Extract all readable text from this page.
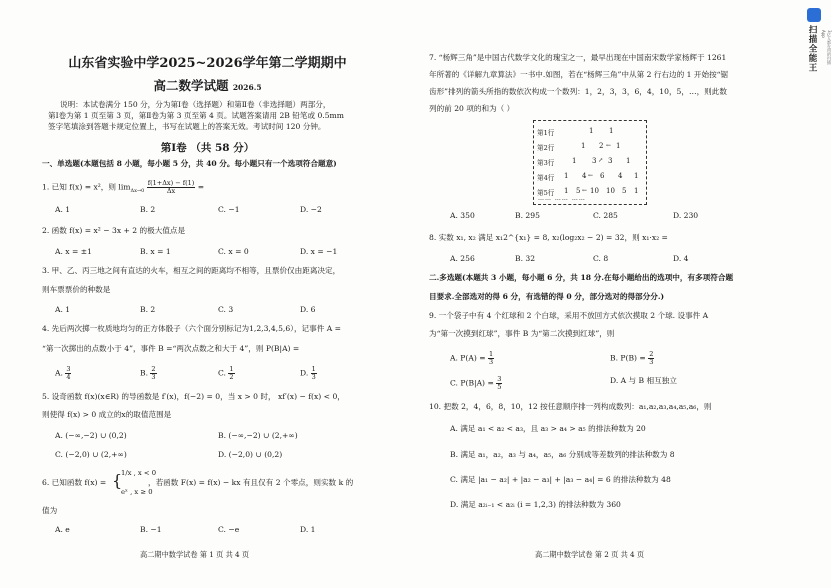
山东省实验中学2025~2026学年第二学期期中
高二数学试题 2026.5
说明：本试卷满分 150 分，分为第Ⅰ卷（选择题）和第Ⅱ卷（非选择题）两部分，
第Ⅰ卷为第 1 页至第 3 页，第Ⅱ卷为第 3 页至第 4 页。试题答案请用 2B 铅笔或 0.5mm
签字笔填涂到答题卡规定位置上，书写在试题上的答案无效。考试时间 120 分钟。
第Ⅰ卷 （共 58 分）
一、单选题(本题包括 8 小题，每小题 5 分，共 40 分。每小题只有一个选项符合题意)
1. 已知 f(x) = x²，则 $\lim_{\Delta x\to 0} \frac{f(1+\Delta x) - f(1)}{\Delta x}$ =
A. 1	B. 2	C. −1	D. −2
2. 函数 f(x) = x² − 3x + 2 的极大值点是
A. x = ±1	B. x = 1	C. x = 0	D. x = −1
3. 甲、乙、丙三地之间有直达的火车，相互之间的距离均不相等，且票价仅由距离决定，
则车票票价的种数是
A. 1	B. 2	C. 3	D. 6
4. 先后两次掷一枚质地均匀的正方体骰子（六个面分别标记为1,2,3,4,5,6），记事件 A =
“第一次掷出的点数小于 4”，事件 B =“两次点数之和大于 4”，则 P(B|A) =
A. $\frac{3}{4}$	B. $\frac{2}{3}$	C. $\frac{1}{2}$	D. $\frac{1}{3}$
5. 设奇函数 f(x)(x∈R) 的导函数是 f′(x)，f(−2) = 0，当 x > 0 时， xf′(x) − f(x) < 0，
则使得 f(x) > 0 成立的x的取值范围是
A. (−∞,−2) ∪ (0,2)	B. (−∞,−2) ∪ (2,+∞)
C. (−2,0) ∪ (2,+∞)	D. (−2,0) ∪ (0,2)
6. 已知函数 f(x) = {
1/x , x < 0
eˣ , x ≥ 0
，若函数 F(x) = f(x) − kx 有且仅有 2 个零点，则实数 k 的
值为
A. e	B. −1	C. −e	D. 1
高二期中数学试卷 第 1 页 共 4 页
7. “杨辉三角”是中国古代数学文化的瑰宝之一，最早出现在中国南宋数学家杨辉于 1261
年所著的《详解九章算法》一书中.如图，若在“杨辉三角”中从第 2 行右边的 1 开始按“锯
齿形”排列的箭头所指的数依次构成一个数列：1，2，3，3，6，4，10，5，…，则此数
列的前 20 项的和为（ ）
第1行	1 1
第2行	1 2 ← 1
第3行	1 3 ↗ 3 1
第4行 1 4 ← 6 4 1
第5行 1 5 ← 10 10 5 1
…… …… ……
A. 350	B. 295	C. 285	D. 230
8. 实数 x₁, x₂ 满足 x₁2^{x₁} = 8, x₂(log₂x₂ − 2) = 32，则 x₁·x₂ =
A. 256	B. 32	C. 8	D. 4
二.多选题(本题共 3 小题，每小题 6 分，共 18 分.在每小题给出的选项中，有多项符合题
目要求.全部选对的得 6 分，有选错的得 0 分，部分选对的得部分分.)
9. 一个袋子中有 4 个红球和 2 个白球，采用不放回方式依次摸取 2 个球. 设事件 A
为“第一次摸到红球”，事件 B 为“第二次摸到红球”，则
A. $P(A) = \frac{1}{3}$	B. $P(B) = \frac{2}{3}$
C. $P(B|A) = \frac{3}{5}$	D. A 与 B 相互独立
10. 把数 2，4，6，8，10，12 按任意顺序排一列构成数列：a₁,a₂,a₃,a₄,a₅,a₆，则
A. 满足 a₁ < a₂ < a₃，且 a₃ > a₄ > a₅ 的排法种数为 20
B. 满足 a₁，a₂，a₃ 与 a₄，a₅，a₆ 分别成等差数列的排法种数为 8
C. 满足 |a₁ − a₂| + |a₂ − a₃| + |a₃ − a₄| = 6 的排法种数为 48
D. 满足 a₂ᵢ₋₁ < a₂ᵢ (i = 1,2,3) 的排法种数为 360
高二期中数学试卷 第 2 页 共 4 页
扫描全能王	3亿人都在用的扫描App
